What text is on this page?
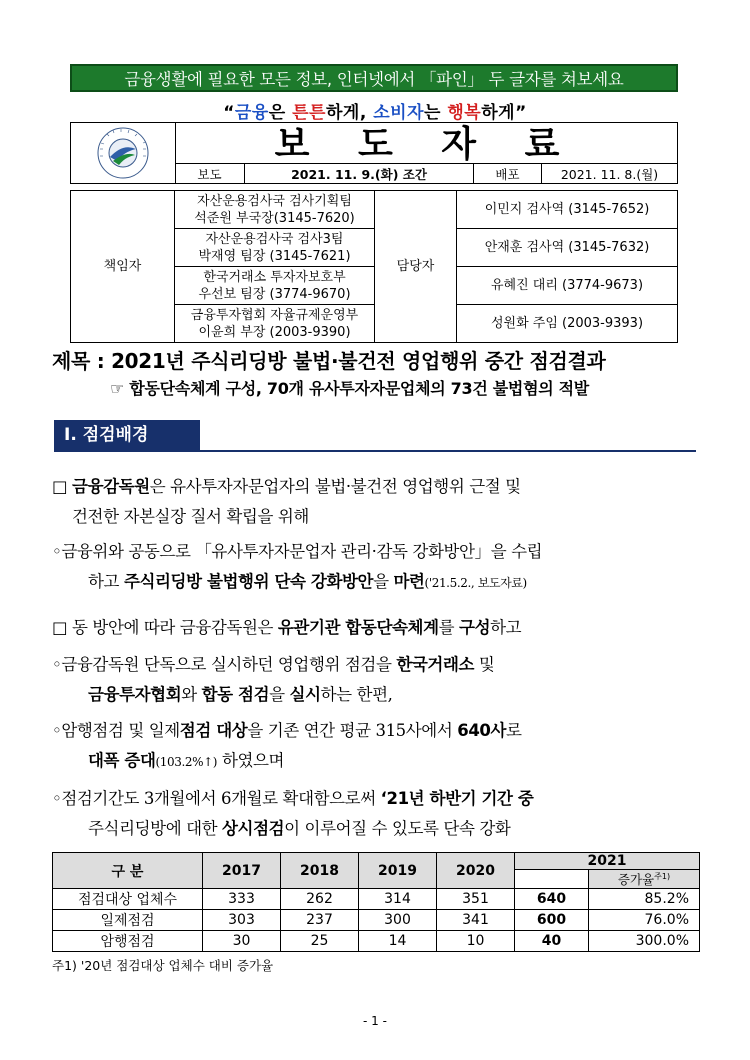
금융생활에 필요한 모든 정보, 인터넷에서 「파인」 두 글자를 쳐보세요
“금융은 튼튼하게, 소비자는 행복하게”
보 도 자 료
보도	2021. 11. 9.(화) 조간	배포	2021. 11. 8.(월)
책임자	자산운용검사국 검사기획팀
석준원 부국장(3145-7620)	담당자	이민지 검사역 (3145-7652)

	자산운용검사국 검사3팀
박재영 팀장 (3145-7621)		안재훈 검사역 (3145-7632)

	한국거래소 투자자보호부
우선보 팀장 (3774-9670)		유혜진 대리 (3774-9673)

	금융투자협회 자율규제운영부
이윤희 부장 (2003-9390)		성원화 주임 (2003-9393)
제목 : 2021년 주식리딩방 불법·불건전 영업행위 중간 점검결과
☞ 합동단속체계 구성, 70개 유사투자자문업체의 73건 불법혐의 적발
Ⅰ. 점검배경
□ 금융감독원은 유사투자자문업자의 불법·불건전 영업행위 근절 및
건전한 자본실장 질서 확립을 위해
◦금융위와 공동으로 「유사투자자문업자 관리·감독 강화방안」을 수립
하고 주식리딩방 불법행위 단속 강화방안을 마련('21.5.2., 보도자료)
□ 동 방안에 따라 금융감독원은 유관기관 합동단속체계를 구성하고
◦금융감독원 단독으로 실시하던 영업행위 점검을 한국거래소 및
금융투자협회와 합동 점검을 실시하는 한편,
◦암행점검 및 일제점검 대상을 기존 연간 평균 315사에서 640사로
대폭 증대(103.2%↑) 하였으며
◦점검기간도 3개월에서 6개월로 확대함으로써 ‘21년 하반기 기간 중
주식리딩방에 대한 상시점검이 이루어질 수 있도록 단속 강화
구 분	2017	2018	2019	2020	2021	
						증가율$^{주1)}$
점검대상 업체수	333	262	314	351	640	85.2%
일제점검	303	237	300	341	600	76.0%
암행점검	30	25	14	10	40	300.0%
주1) '20년 점검대상 업체수 대비 증가율
- 1 -
